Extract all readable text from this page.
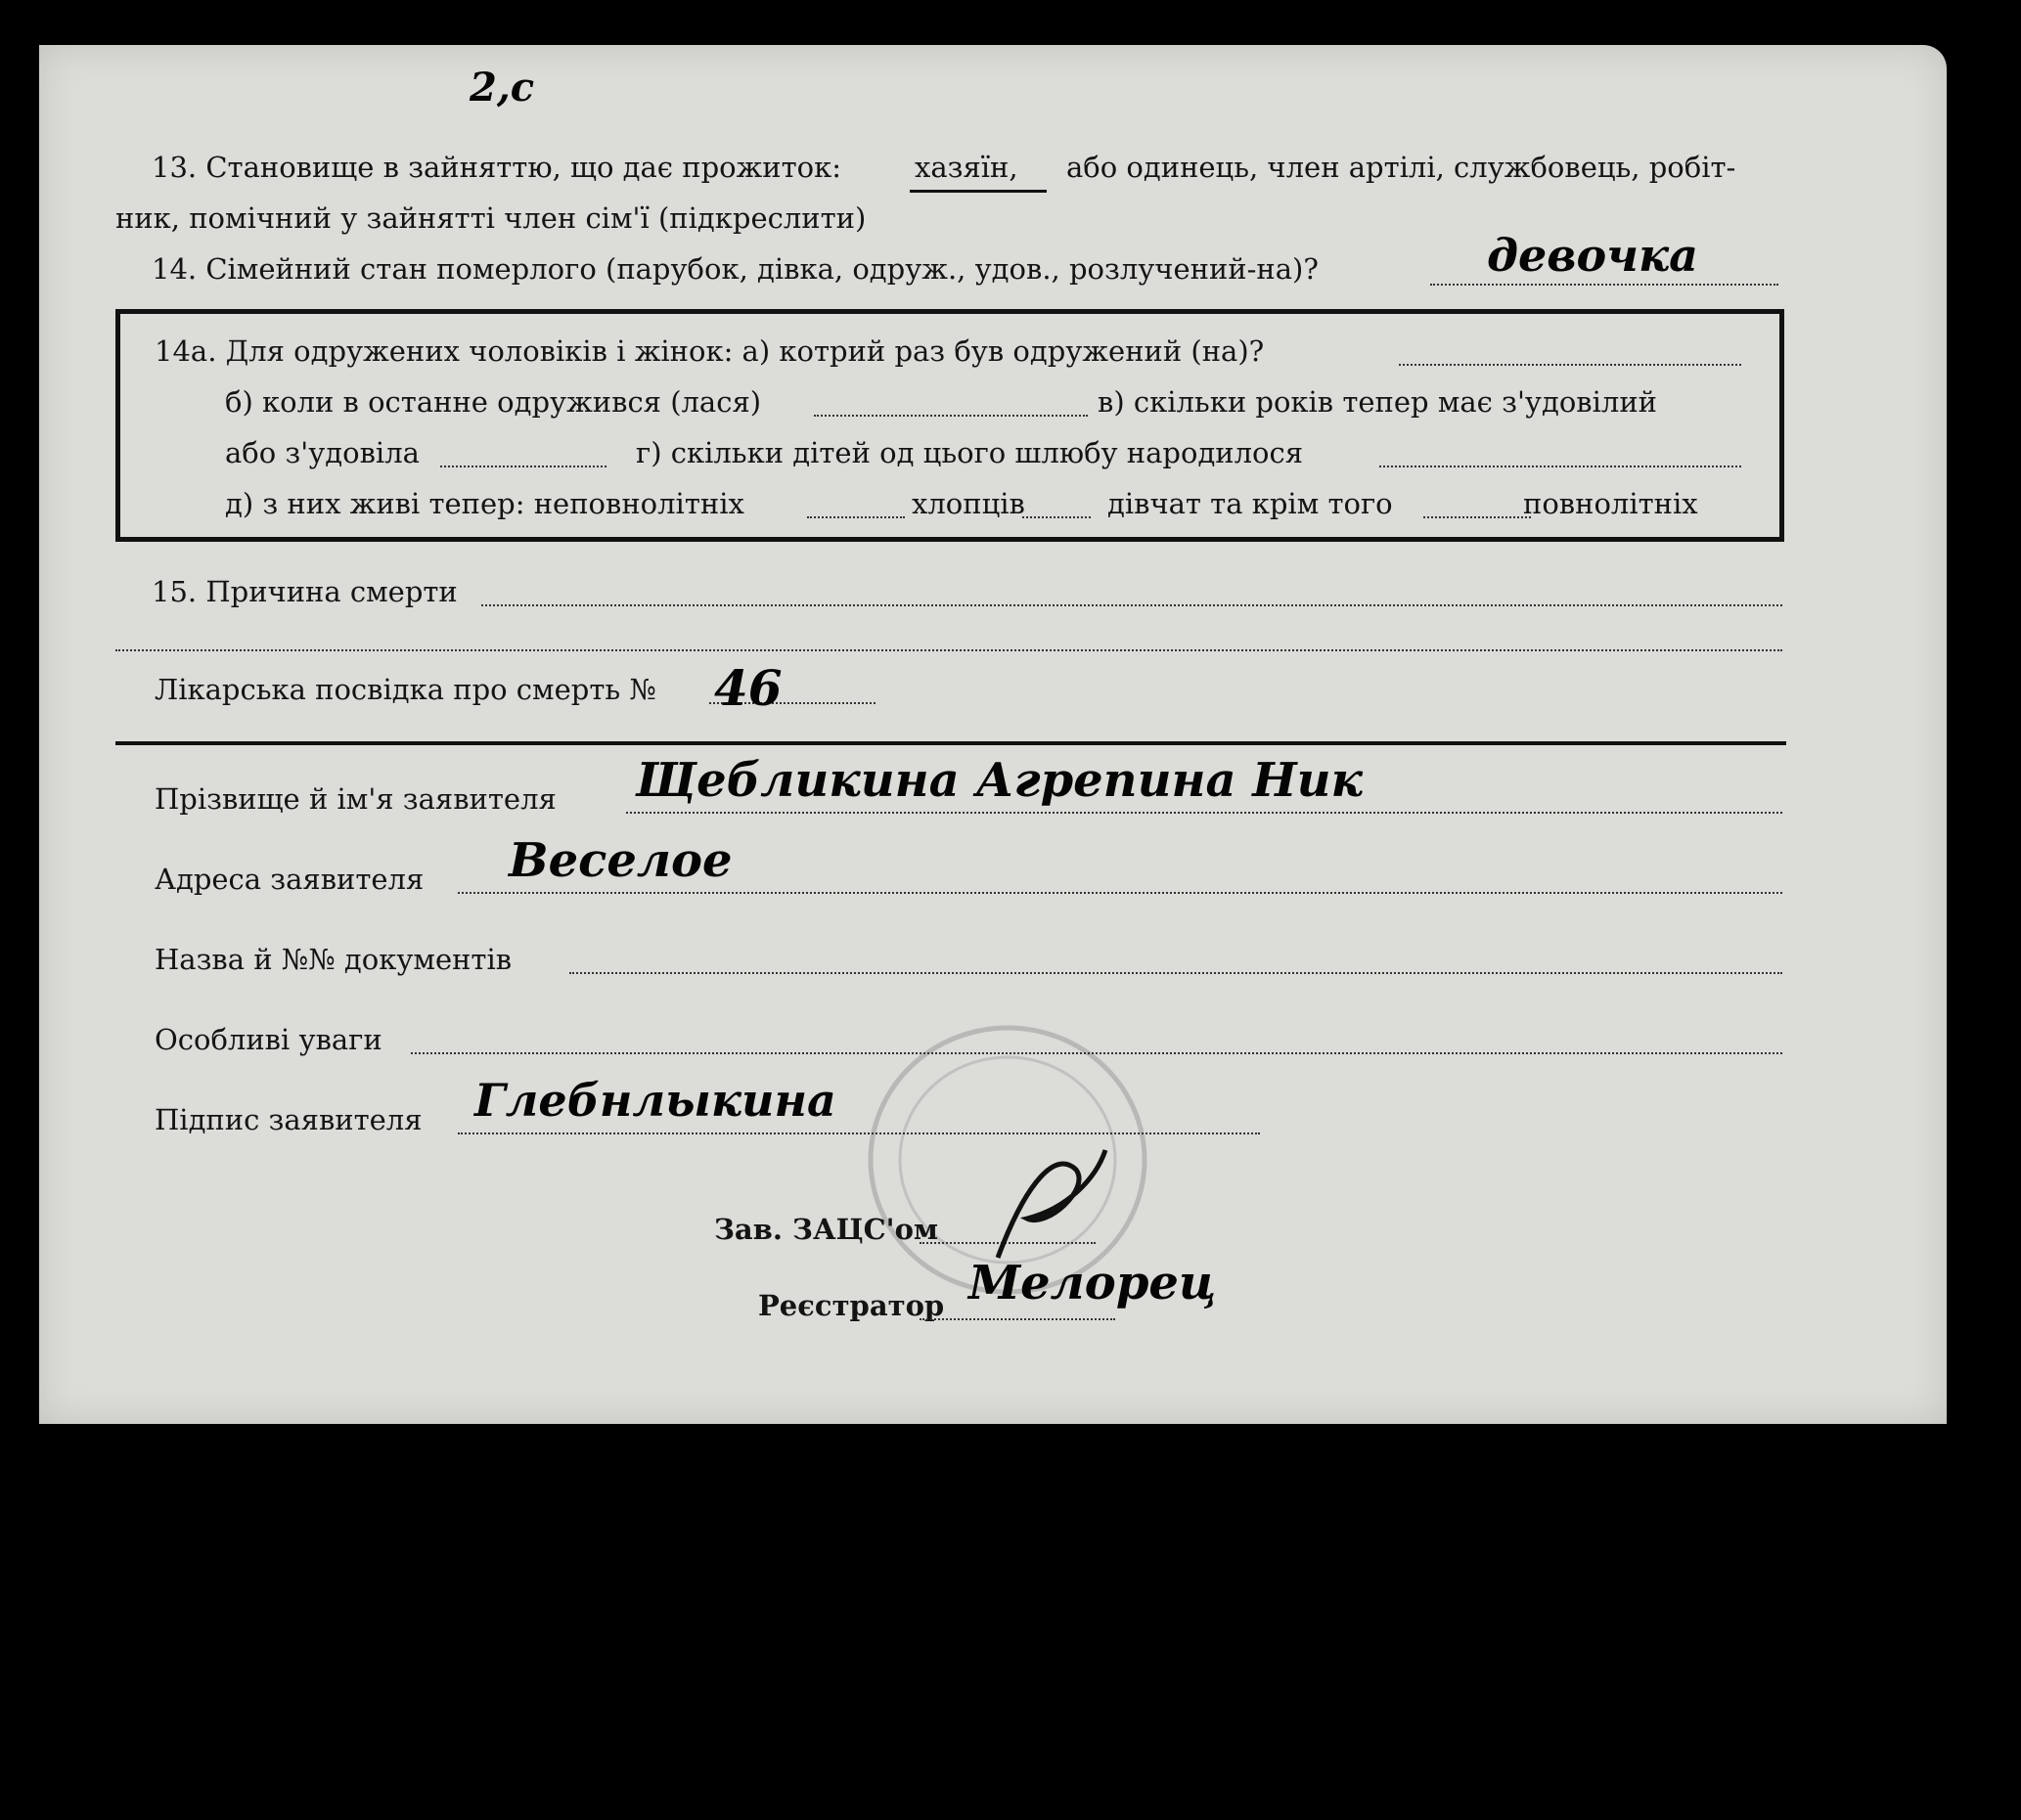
2,с
13. Становище в зайняттю, що дає прожиток:	хазяїн, або одинець, член артілі, службовець, робіт-
ник, помічний у зайнятті член сім'ї (підкреслити)
14. Сімейний стан померлого (парубок, дівка, одруж., удов., розлучений-на)?	девочка
14а. Для одружених чоловіків і жінок: а) котрий раз був одружений (на)?
б) коли в останне одружився (лася)	в) скільки років тепер має з'удовілий
або з'удовіла	г) скільки дітей од цього шлюбу народилося
д) з них живі тепер: неповнолітніх	хлопців	дівчат та крім того	повнолітніх
15. Причина смерти
Лікарська посвідка про смерть № 46
Прізвище й ім'я заявителя Щебликина Агрепина Ник
Адреса заявителя Веселое
Назва й №№ документів
Особливі уваги
Підпис заявителя Глебнлыкина
Зав. ЗАЦС'ом
Реєстратор Мелорец
